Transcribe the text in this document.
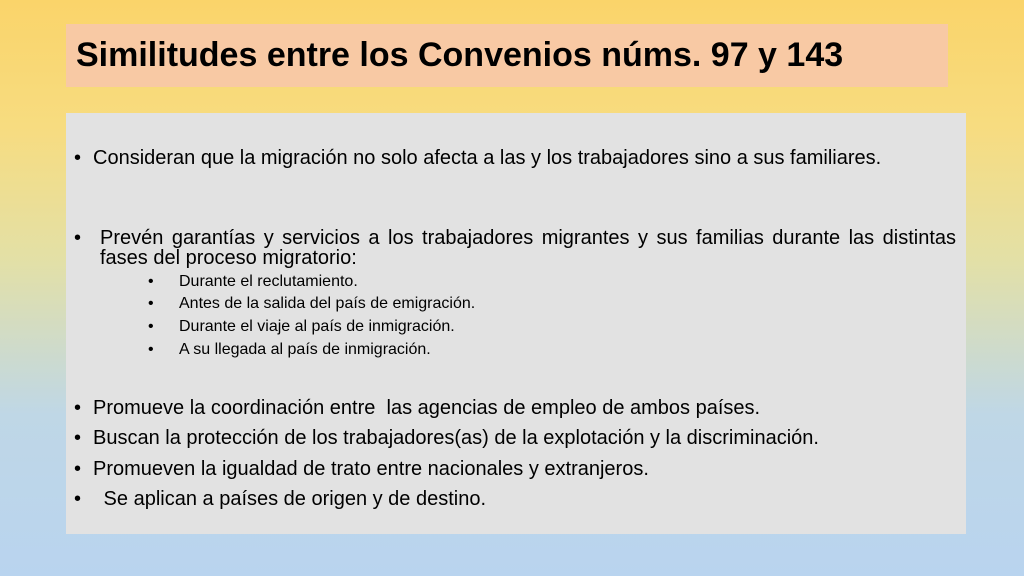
Similitudes entre los Convenios núms. 97 y 143
• Consideran que la migración no solo afecta a las y los trabajadores sino a sus familiares.
• Prevén garantías y servicios a los trabajadores migrantes y sus familias durante las distintas fases del proceso migratorio:
• Durante el reclutamiento.
• Antes de la salida del país de emigración.
• Durante el viaje al país de inmigración.
• A su llegada al país de inmigración.
• Promueve la coordinación entre  las agencias de empleo de ambos países.
• Buscan la protección de los trabajadores(as) de la explotación y la discriminación.
• Promueven la igualdad de trato entre nacionales y extranjeros.
• Se aplican a países de origen y de destino.
